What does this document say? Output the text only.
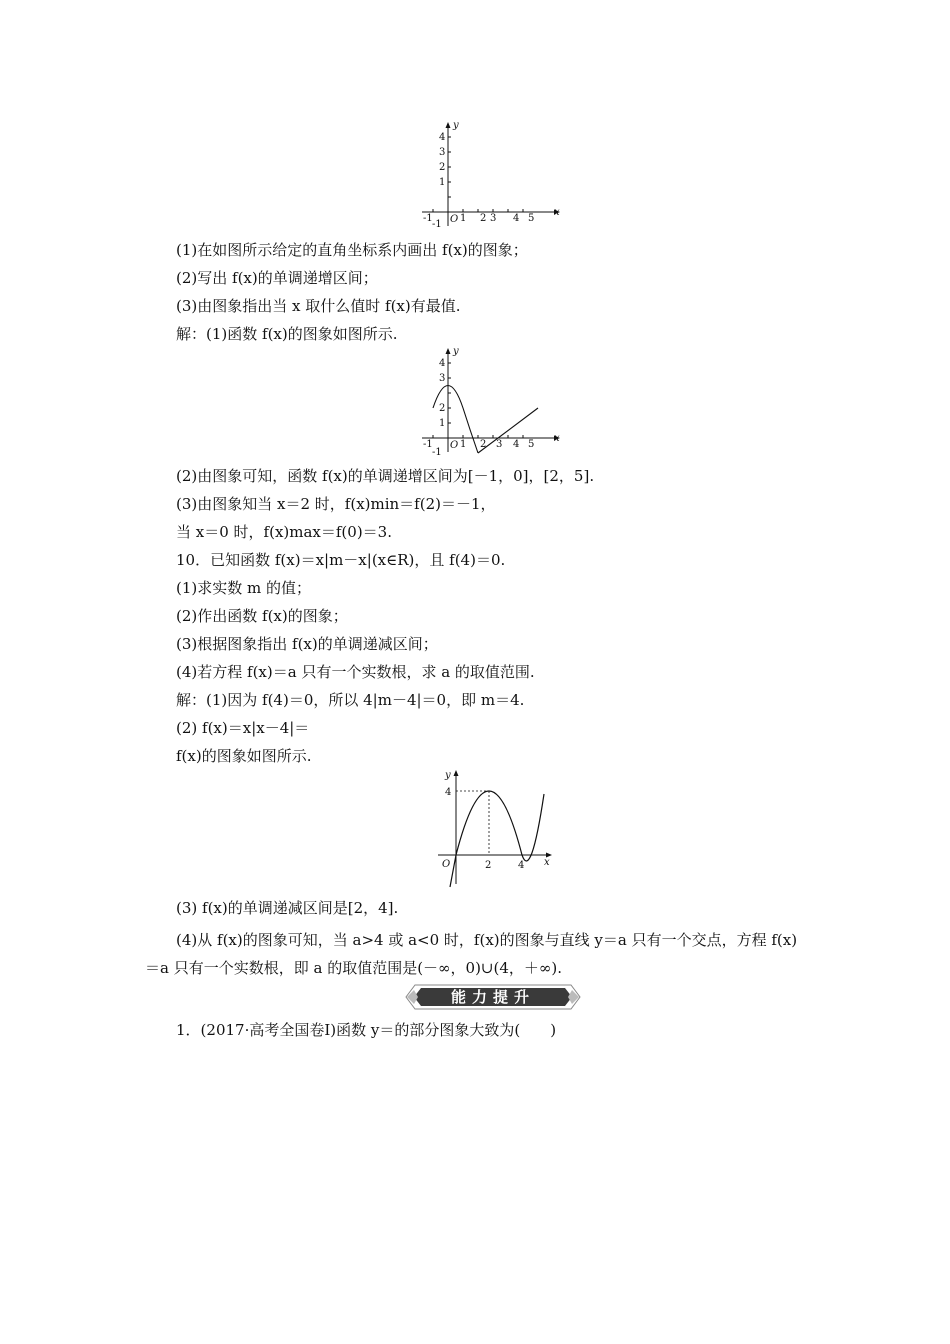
-1	1 2 3 4 5
4
3
2
1
-1 O
x
y
(1)在如图所示给定的直角坐标系内画出 f(x)的图象；
(2)写出 f(x)的单调递增区间；
(3)由图象指出当 x 取什么值时 f(x)有最值.
解：(1)函数 f(x)的图象如图所示.
-1	1 2 3 4 5
4
3
2
1
-1
O
x
y
(2)由图象可知，函数 f(x)的单调递增区间为[－1，0]，[2，5].
(3)由图象知当 x＝2 时，f(x)min＝f(2)＝－1，
当 x＝0 时，f(x)max＝f(0)＝3.
10．已知函数 f(x)＝x|m－x|(x∈R)，且 f(4)＝0.
(1)求实数 m 的值；
(2)作出函数 f(x)的图象；
(3)根据图象指出 f(x)的单调递减区间；
(4)若方程 f(x)＝a 只有一个实数根，求 a 的取值范围.
解：(1)因为 f(4)＝0，所以 4|m－4|＝0，即 m＝4.
(2) f(x)＝x|x－4|＝
f(x)的图象如图所示.
2	4
4
O	x
y
(3) f(x)的单调递减区间是[2，4].
(4)从 f(x)的图象可知，当 a>4 或 a<0 时，f(x)的图象与直线 y＝a 只有一个交点，方程 f(x)＝a 只有一个实数根，即 a 的取值范围是(－∞，0)∪(4，＋∞).
能力提升
1．(2017·高考全国卷Ⅰ)函数 y＝的部分图象大致为(　　)
